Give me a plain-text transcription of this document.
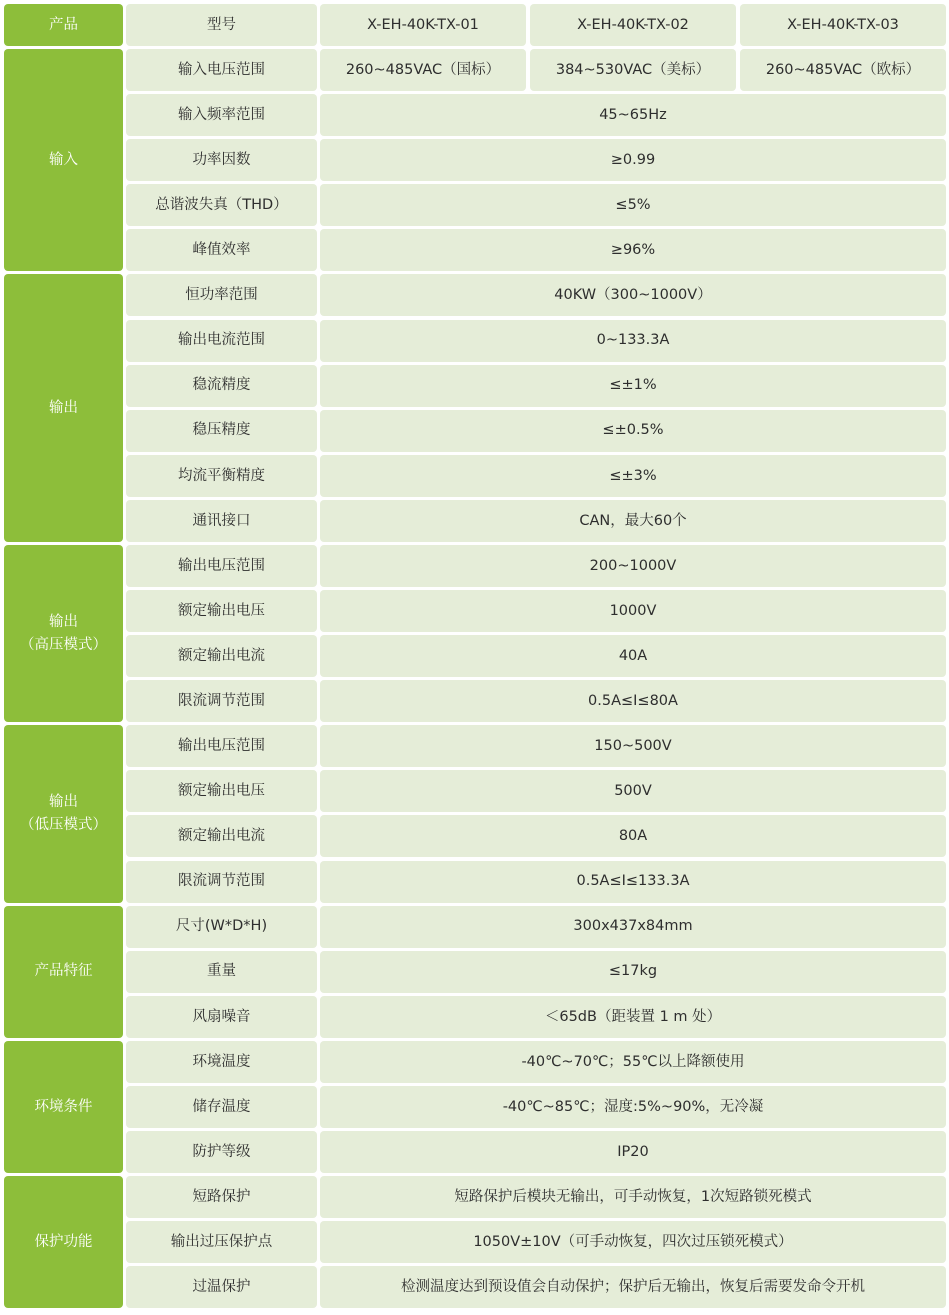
产品	型号	X-EH-40K-TX-01	X-EH-40K-TX-02	X-EH-40K-TX-03
输入
输入电压范围	260~485VAC（国标）	384~530VAC（美标）	260~485VAC（欧标）
输入频率范围	45~65Hz
功率因数	≥0.99
总谐波失真（THD）	≤5%
峰值效率	≥96%
输出
恒功率范围	40KW（300~1000V）
输出电流范围	0~133.3A
稳流精度	≤±1%
稳压精度	≤±0.5%
均流平衡精度	≤±3%
通讯接口	CAN，最大60个
输出
（高压模式）
输出电压范围	200~1000V
额定输出电压	1000V
额定输出电流	40A
限流调节范围	0.5A≤I≤80A
输出
（低压模式）
输出电压范围	150~500V
额定输出电压	500V
额定输出电流	80A
限流调节范围	0.5A≤I≤133.3A
产品特征
尺寸(W*D*H)	300x437x84mm
重量	≤17kg
风扇噪音	＜65dB（距装置 1 m 处）
环境条件
环境温度	-40℃~70℃；55℃以上降额使用
储存温度	-40℃~85℃；湿度:5%~90%，无冷凝
防护等级	IP20
保护功能
短路保护	短路保护后模块无输出，可手动恢复，1次短路锁死模式
输出过压保护点	1050V±10V（可手动恢复，四次过压锁死模式）
过温保护	检测温度达到预设值会自动保护；保护后无输出，恢复后需要发命令开机
